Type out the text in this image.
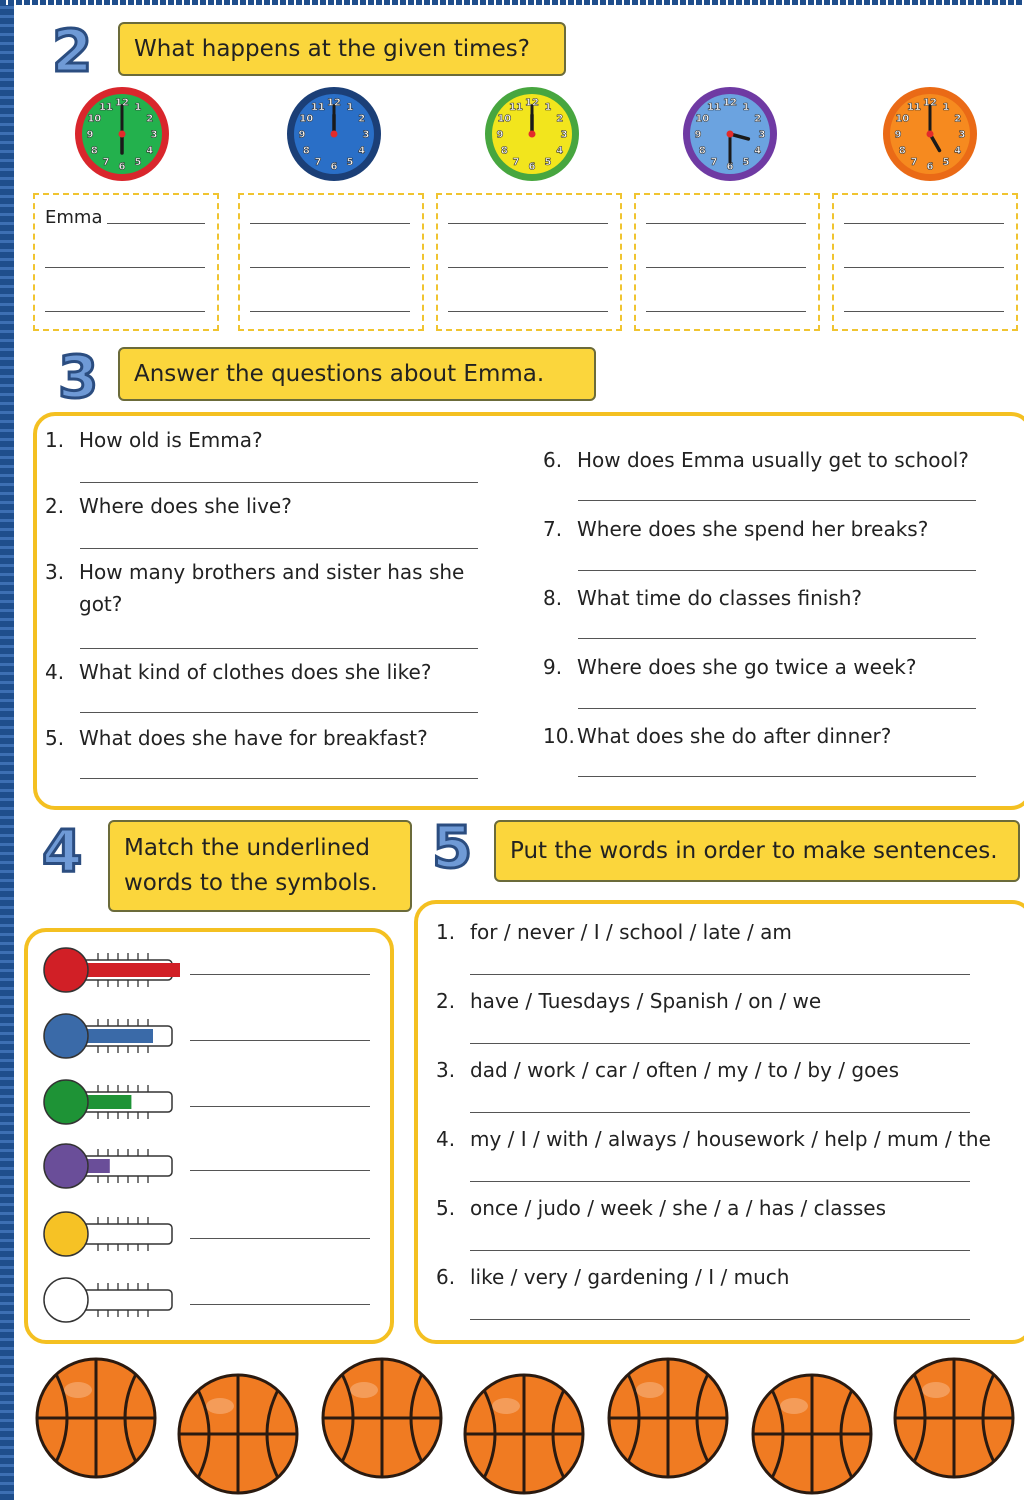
2	What happens at the given times?
12 1
2
3
4
5
6
7
8
9
10
11	12 1
2
3
4
5
6
7
8
9
10
11	12 1
2
3
4
5
6
7
8
9
10
11	12 1
2
3
4
5
6
7
8
9
10
11	12 1
2
3
4
5
6
7
8
9
10
11
Emma
3	Answer the questions about Emma.
1. How old is Emma?
2. Where does she live?
3. How many brothers and sister has she
got?
4. What kind of clothes does she like?
5. What does she have for breakfast?
6. How does Emma usually get to school?
7. Where does she spend her breaks?
8. What time do classes finish?
9. Where does she go twice a week?
10. What does she do after dinner?
4 Match the underlined
words to the symbols.
5	Put the words in order to make sentences.
1. for / never / I / school / late / am
2. have / Tuesdays / Spanish / on / we
3. dad / work / car / often / my / to / by / goes
4. my / I / with / always / housework / help / mum / the
5. once / judo / week / she / a / has / classes
6. like / very / gardening / I / much
